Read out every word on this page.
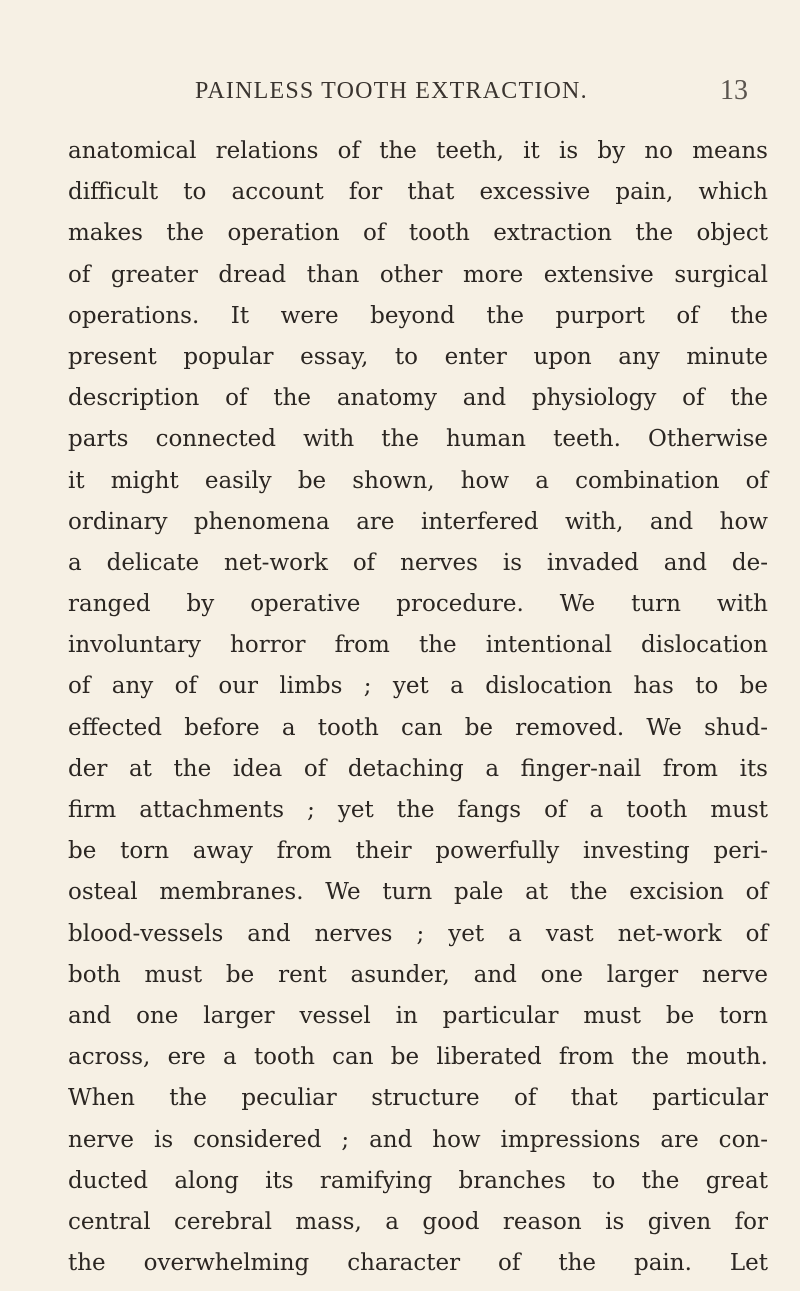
PAINLESS TOOTH EXTRACTION.	13
anatomical relations of the teeth, it is by no means
difficult to account for that excessive pain, which
makes the operation of tooth extraction the object
of greater dread than other more extensive surgical
operations. It were beyond the purport of the
present popular essay, to enter upon any minute
description of the anatomy and physiology of the
parts connected with the human teeth. Otherwise
it might easily be shown, how a combination of
ordinary phenomena are interfered with, and how
a delicate net-work of nerves is invaded and de-
ranged by operative procedure. We turn with
involuntary horror from the intentional dislocation
of any of our limbs ; yet a dislocation has to be
effected before a tooth can be removed. We shud-
der at the idea of detaching a finger-nail from its
firm attachments ; yet the fangs of a tooth must
be torn away from their powerfully investing peri-
osteal membranes. We turn pale at the excision of
blood-vessels and nerves ; yet a vast net-work of
both must be rent asunder, and one larger nerve
and one larger vessel in particular must be torn
across, ere a tooth can be liberated from the mouth.
When the peculiar structure of that particular
nerve is considered ; and how impressions are con-
ducted along its ramifying branches to the great
central cerebral mass, a good reason is given for
the overwhelming character of the pain. Let
